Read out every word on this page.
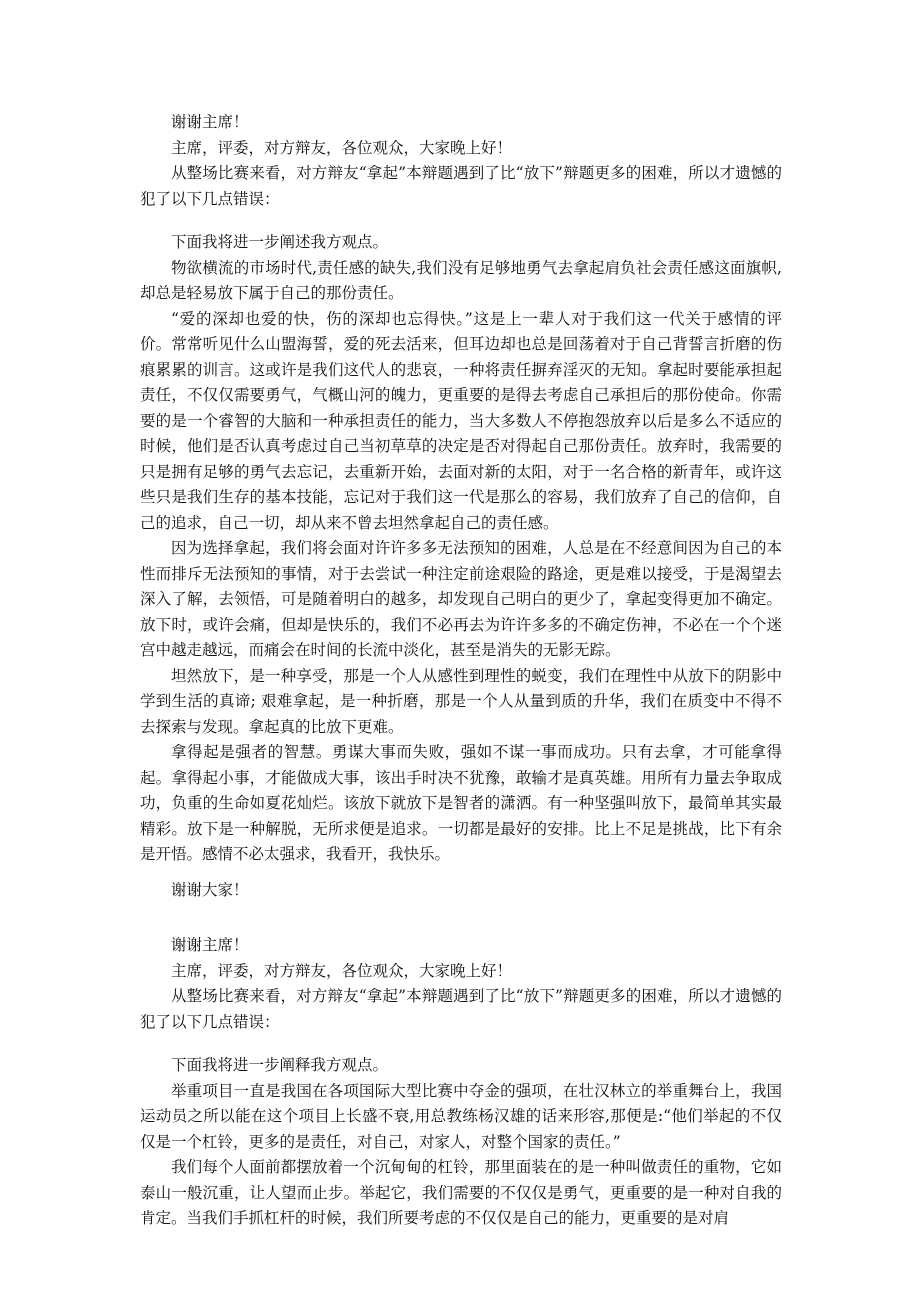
谢谢主席！

主席，评委，对方辩友，各位观众，大家晚上好！

从整场比赛来看，对方辩友“拿起”本辩题遇到了比“放下”辩题更多的困难，所以才遗憾的犯了以下几点错误：

下面我将进一步阐述我方观点。

物欲横流的市场时代,责任感的缺失,我们没有足够地勇气去拿起肩负社会责任感这面旗帜,却总是轻易放下属于自己的那份责任。

“爱的深却也爱的快，伤的深却也忘得快。”这是上一辈人对于我们这一代关于感情的评价。常常听见什么山盟海誓，爱的死去活来，但耳边却也总是回荡着对于自己背誓言折磨的伤痕累累的训言。这或许是我们这代人的悲哀，一种将责任摒弃淫灭的无知。拿起时要能承担起责任，不仅仅需要勇气，气概山河的魄力，更重要的是得去考虑自己承担后的那份使命。你需要的是一个睿智的大脑和一种承担责任的能力，当大多数人不停抱怨放弃以后是多么不适应的时候，他们是否认真考虑过自己当初草草的决定是否对得起自己那份责任。放弃时，我需要的只是拥有足够的勇气去忘记，去重新开始，去面对新的太阳，对于一名合格的新青年，或许这些只是我们生存的基本技能，忘记对于我们这一代是那么的容易，我们放弃了自己的信仰，自己的追求，自己一切，却从来不曾去坦然拿起自己的责任感。

因为选择拿起，我们将会面对许许多多无法预知的困难，人总是在不经意间因为自己的本性而排斥无法预知的事情，对于去尝试一种注定前途艰险的路途，更是难以接受，于是渴望去深入了解，去领悟，可是随着明白的越多，却发现自己明白的更少了，拿起变得更加不确定。放下时，或许会痛，但却是快乐的，我们不必再去为许许多多的不确定伤神，不必在一个个迷宫中越走越远，而痛会在时间的长流中淡化，甚至是消失的无影无踪。

坦然放下，是一种享受，那是一个人从感性到理性的蜕变，我们在理性中从放下的阴影中学到生活的真谛; 艰难拿起，是一种折磨，那是一个人从量到质的升华，我们在质变中不得不去探索与发现。拿起真的比放下更难。

拿得起是强者的智慧。勇谋大事而失败，强如不谋一事而成功。只有去拿，才可能拿得起。拿得起小事，才能做成大事，该出手时决不犹豫，敢输才是真英雄。用所有力量去争取成功，负重的生命如夏花灿烂。该放下就放下是智者的潇洒。有一种坚强叫放下，最简单其实最精彩。放下是一种解脱，无所求便是追求。一切都是最好的安排。比上不足是挑战，比下有余是开悟。感情不必太强求，我看开，我快乐。

谢谢大家！

谢谢主席！

主席，评委，对方辩友，各位观众，大家晚上好！

从整场比赛来看，对方辩友“拿起”本辩题遇到了比“放下”辩题更多的困难，所以才遗憾的犯了以下几点错误：

下面我将进一步阐释我方观点。

举重项目一直是我国在各项国际大型比赛中夺金的强项，在壮汉林立的举重舞台上，我国运动员之所以能在这个项目上长盛不衰,用总教练杨汉雄的话来形容,那便是:“他们举起的不仅仅是一个杠铃，更多的是责任，对自己，对家人，对整个国家的责任。”

我们每个人面前都摆放着一个沉甸甸的杠铃，那里面装在的是一种叫做责任的重物，它如泰山一般沉重，让人望而止步。举起它，我们需要的不仅仅是勇气，更重要的是一种对自我的肯定。当我们手抓杠杆的时候，我们所要考虑的不仅仅是自己的能力，更重要的是对肩
